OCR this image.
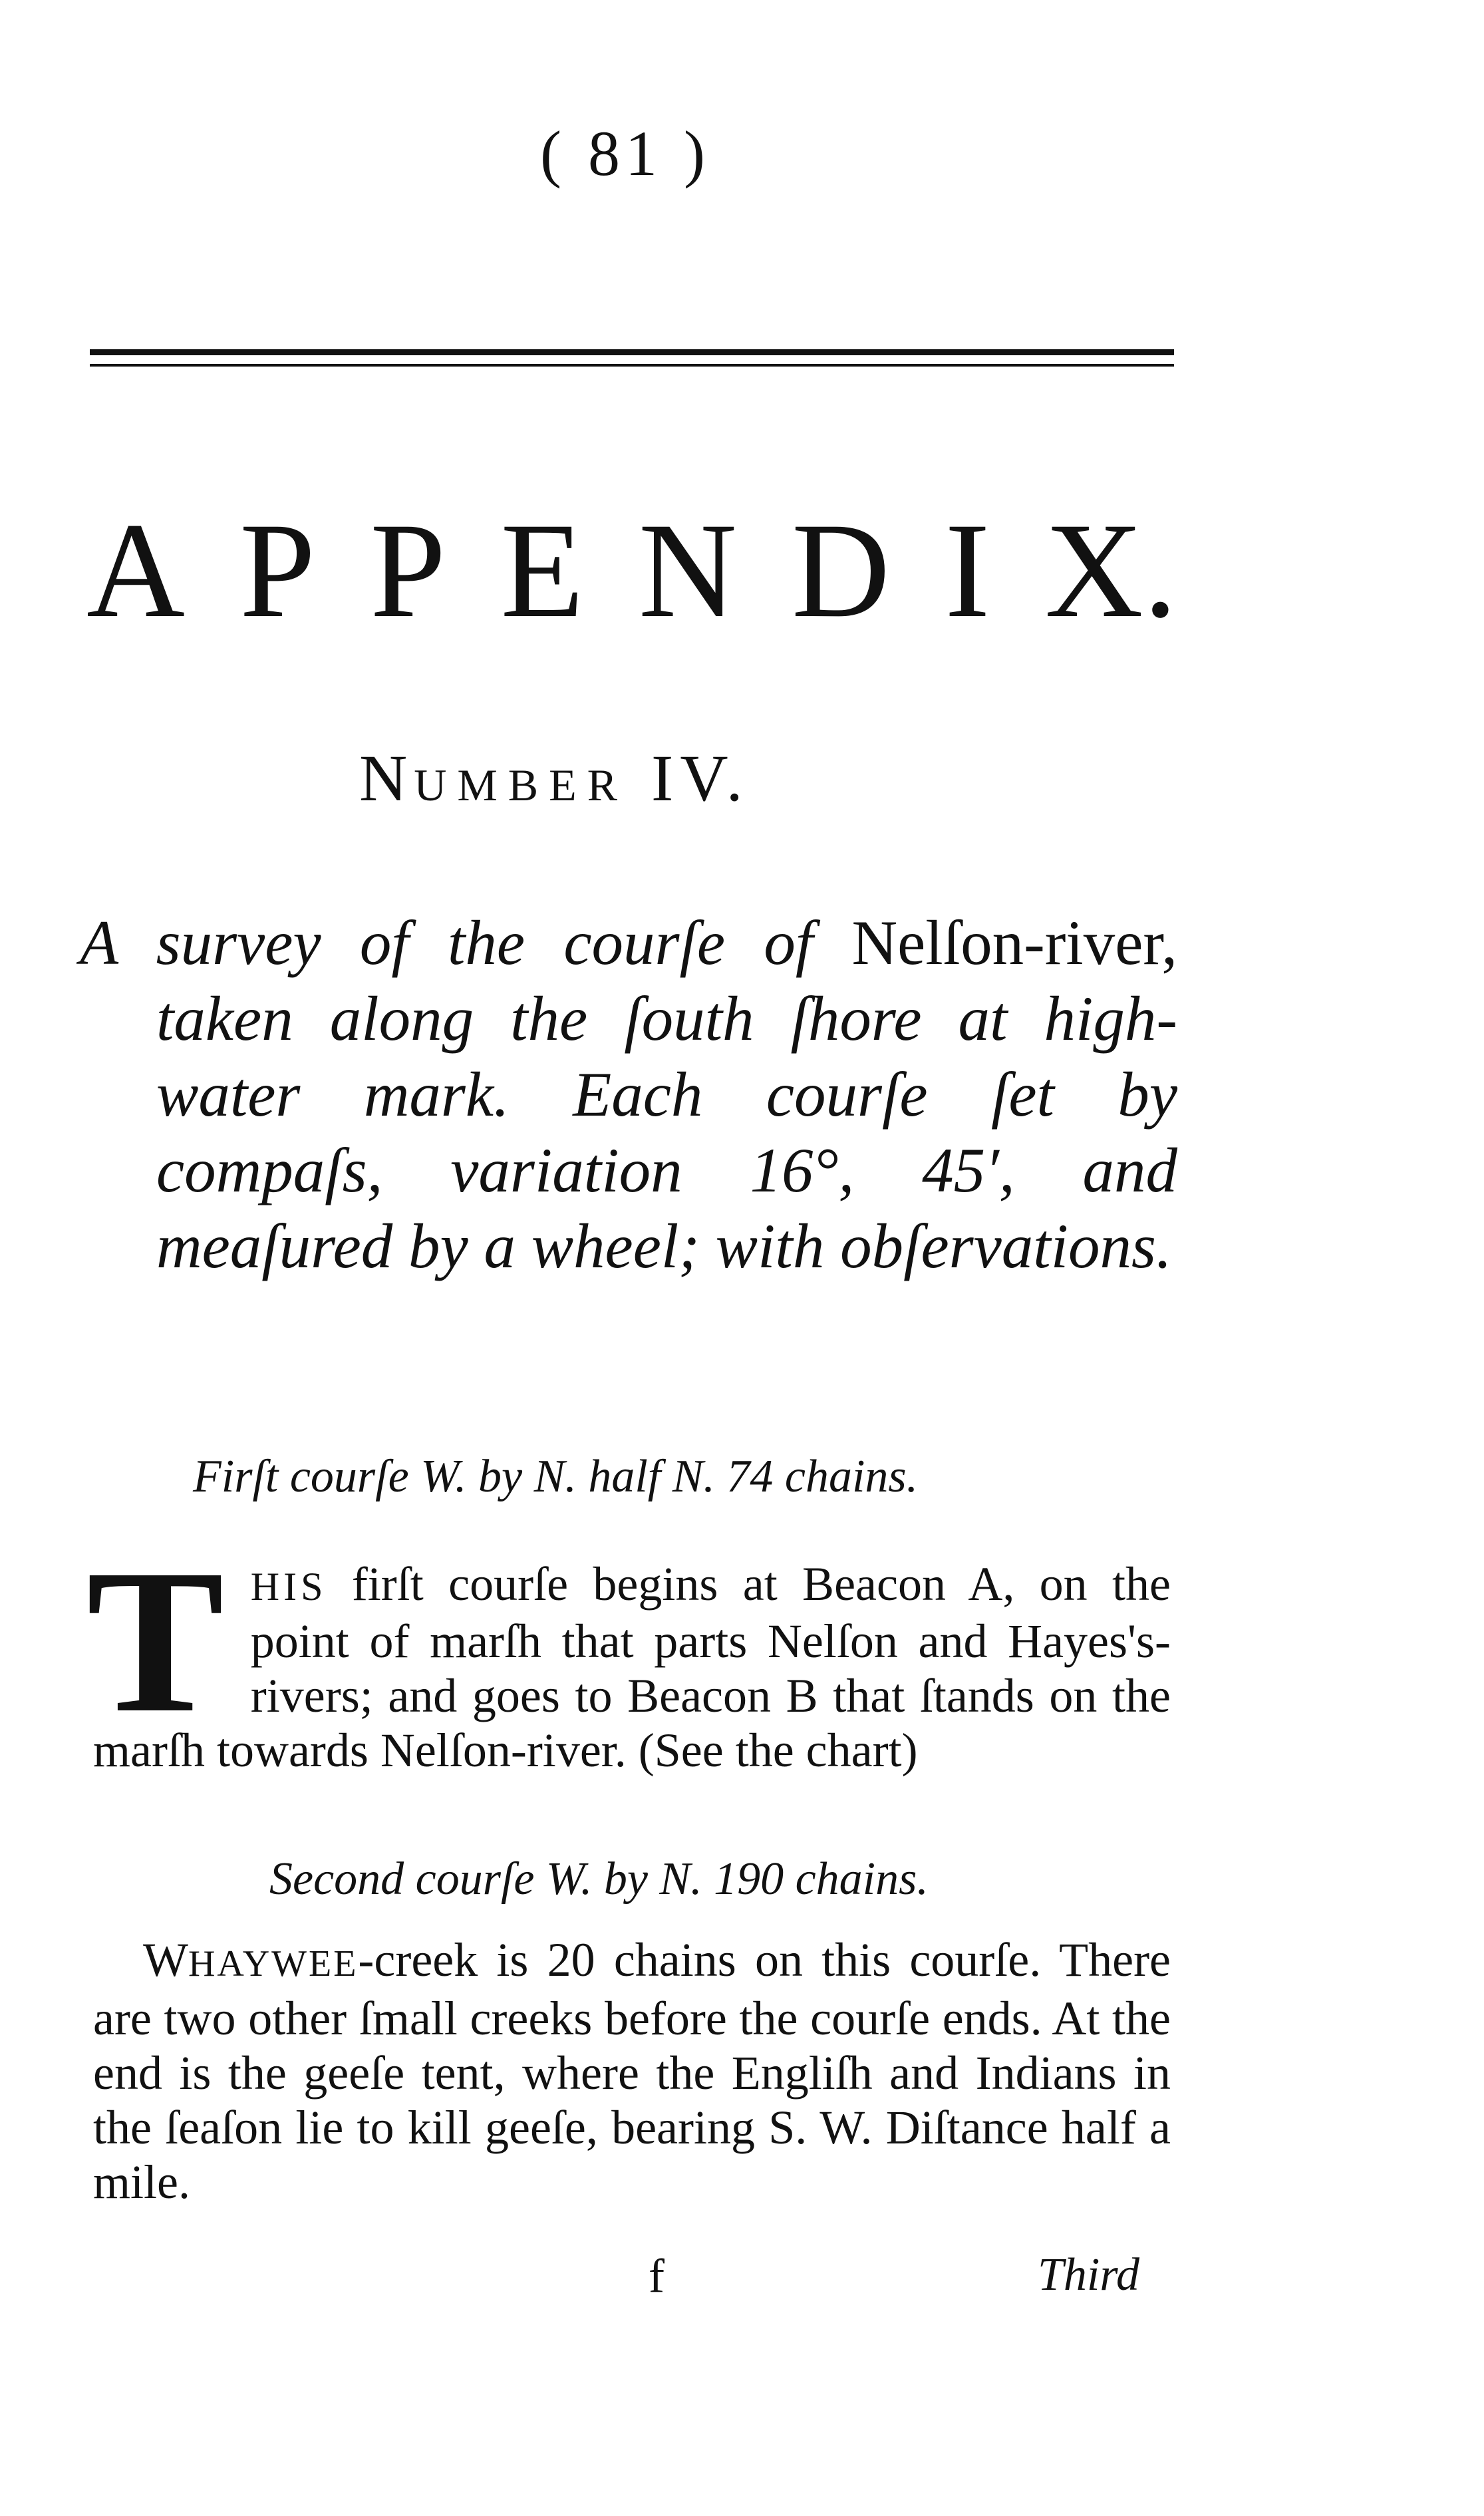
( 81 )
A P P E N D I X.
NUMBER IV.
A survey of the courſe of Nelſon-river, taken along the ſouth ſhore at high-water mark. Each courſe ſet by compaſs, variation 16°, 45′, and meaſured by a wheel; with obſervations.
Firſt courſe W. by N. half N. 74 chains.
THIS firſt courſe begins at Beacon A, on the point of marſh that parts Nelſon and Hayes's-rivers; and goes to Beacon B that ſtands on the marſh towards Nelſon-river. (See the chart)
Second courſe W. by N. 190 chains.
WHAYWEE-creek is 20 chains on this courſe. There are two other ſmall creeks before the courſe ends. At the end is the geeſe tent, where the Engliſh and Indians in the ſeaſon lie to kill geeſe, bearing S. W. Diſtance half a mile.
f	Third
